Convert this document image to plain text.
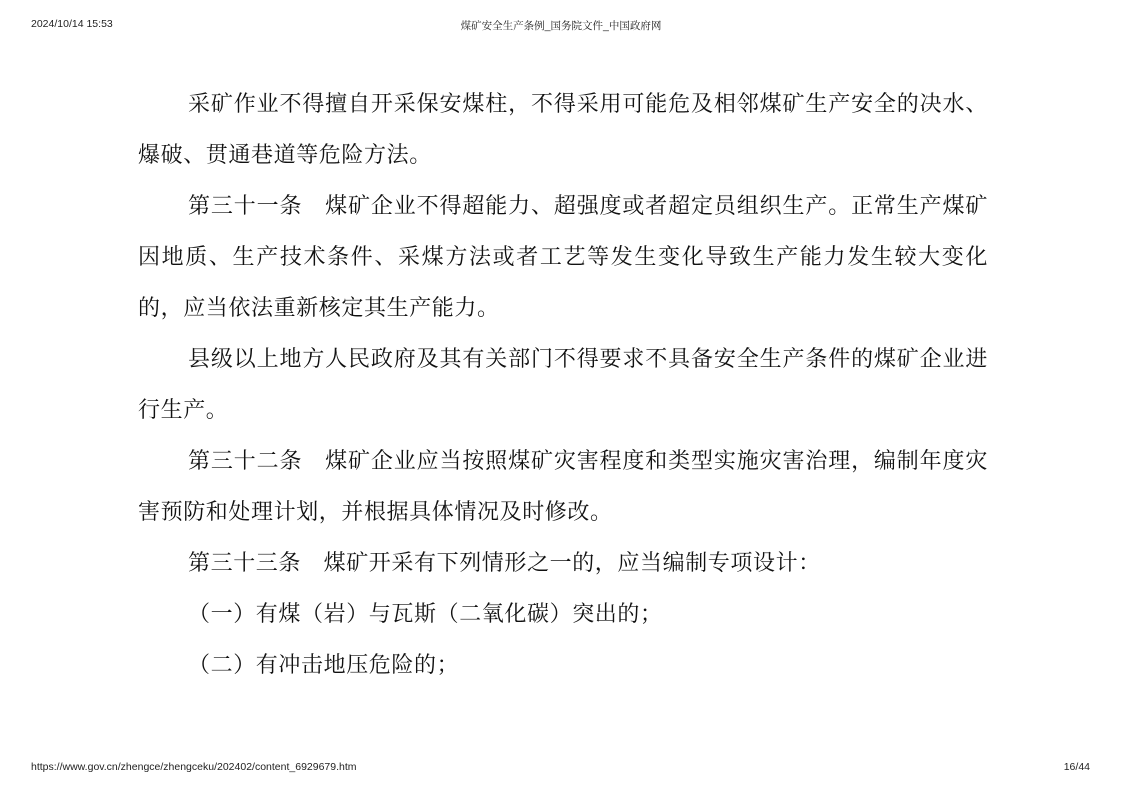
2024/10/14 15:53	煤矿安全生产条例_国务院文件_中国政府网

采矿作业不得擅自开采保安煤柱，不得采用可能危及相邻煤矿生产安全的决水、爆破、贯通巷道等危险方法。

第三十一条　煤矿企业不得超能力、超强度或者超定员组织生产。正常生产煤矿因地质、生产技术条件、采煤方法或者工艺等发生变化导致生产能力发生较大变化的，应当依法重新核定其生产能力。

县级以上地方人民政府及其有关部门不得要求不具备安全生产条件的煤矿企业进行生产。

第三十二条　煤矿企业应当按照煤矿灾害程度和类型实施灾害治理，编制年度灾害预防和处理计划，并根据具体情况及时修改。

第三十三条　煤矿开采有下列情形之一的，应当编制专项设计：

（一）有煤（岩）与瓦斯（二氧化碳）突出的；

（二）有冲击地压危险的；

https://www.gov.cn/zhengce/zhengceku/202402/content_6929679.htm	16/44
